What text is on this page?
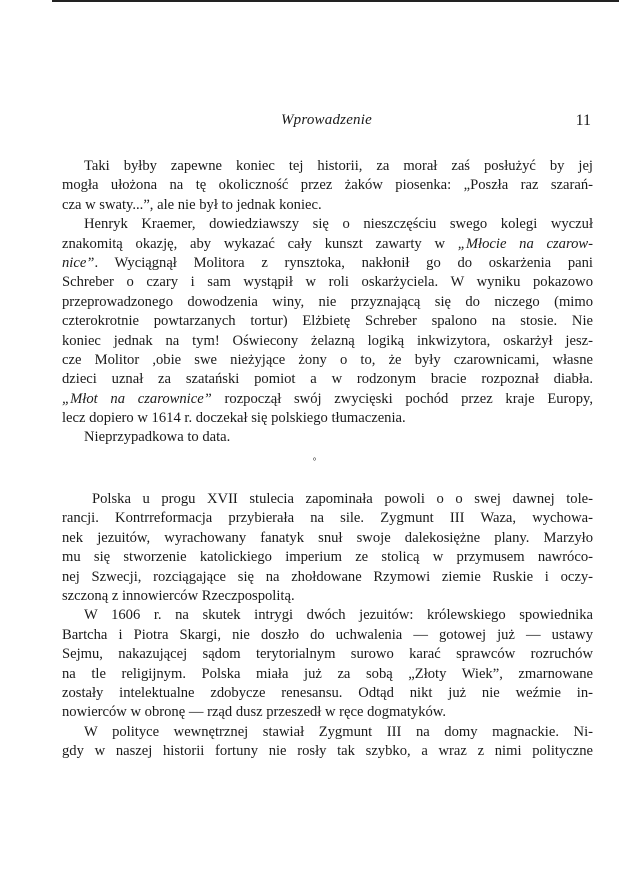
Wprowadzenie	11
Taki byłby zapewne koniec tej historii, za morał zaś posłużyć by jej
mogła ułożona na tę okoliczność przez żaków piosenka: „Poszła raz szarań-
cza w swaty...”, ale nie był to jednak koniec.
Henryk Kraemer, dowiedziawszy się o nieszczęściu swego kolegi wyczuł
znakomitą okazję, aby wykazać cały kunszt zawarty w „Młocie na czarow-
nice”. Wyciągnął Molitora z rynsztoka, nakłonił go do oskarżenia pani
Schreber o czary i sam wystąpił w roli oskarżyciela. W wyniku pokazowo
przeprowadzonego dowodzenia winy, nie przyznającą się do niczego (mimo
czterokrotnie powtarzanych tortur) Elżbietę Schreber spalono na stosie. Nie
koniec jednak na tym! Oświecony żelazną logiką inkwizytora, oskarżył jesz-
cze Molitor ,obie swe nieżyjące żony o to, że były czarownicami, własne
dzieci uznał za szatański pomiot a w rodzonym bracie rozpoznał diabła.
„Młot na czarownice” rozpoczął swój zwycięski pochód przez kraje Europy,
lecz dopiero w 1614 r. doczekał się polskiego tłumaczenia.
Nieprzypadkowa to data.
°
Polska u progu XVII stulecia zapominała powoli o o swej dawnej tole-
rancji. Kontrreformacja przybierała na sile. Zygmunt III Waza, wychowa-
nek jezuitów, wyrachowany fanatyk snuł swoje dalekosiężne plany. Marzyło
mu się stworzenie katolickiego imperium ze stolicą w przymusem nawróco-
nej Szwecji, rozciągające się na zhołdowane Rzymowi ziemie Ruskie i oczy-
szczoną z innowierców Rzeczpospolitą.
W 1606 r. na skutek intrygi dwóch jezuitów: królewskiego spowiednika
Bartcha i Piotra Skargi, nie doszło do uchwalenia — gotowej już — ustawy
Sejmu, nakazującej sądom terytorialnym surowo karać sprawców rozruchów
na tle religijnym. Polska miała już za sobą „Złoty Wiek”, zmarnowane
zostały intelektualne zdobycze renesansu. Odtąd nikt już nie weźmie in-
nowierców w obronę — rząd dusz przeszedł w ręce dogmatyków.
W polityce wewnętrznej stawiał Zygmunt III na domy magnackie. Ni-
gdy w naszej historii fortuny nie rosły tak szybko, a wraz z nimi polityczne
